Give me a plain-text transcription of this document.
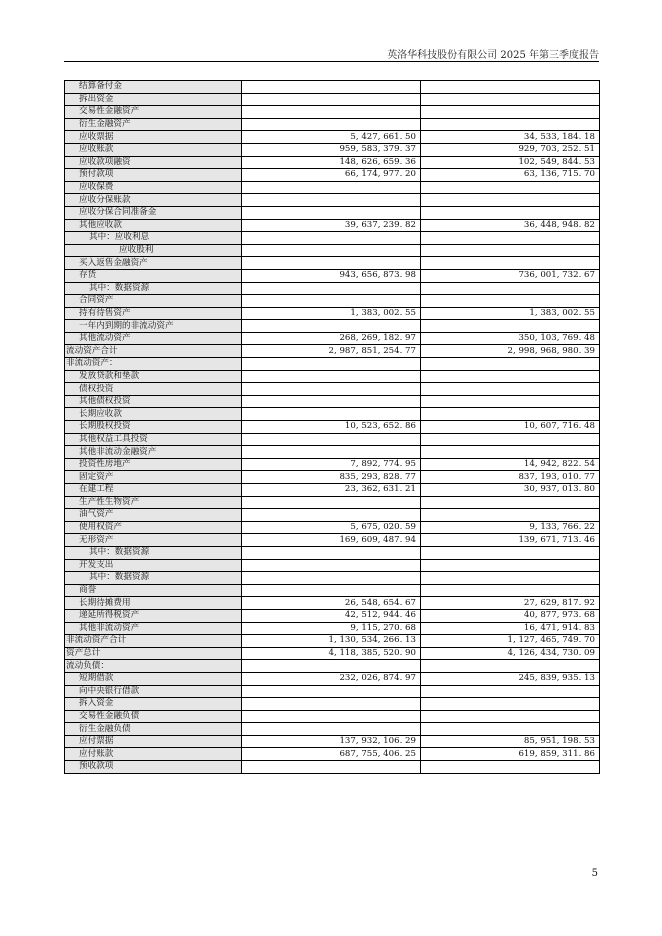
英洛华科技股份有限公司 2025 年第三季度报告
结算备付金		
拆出资金		
交易性金融资产		
衍生金融资产		
应收票据	5, 427, 661. 50	34, 533, 184. 18
应收账款	959, 583, 379. 37	929, 703, 252. 51
应收款项融资	148, 626, 659. 36	102, 549, 844. 53
预付款项	66, 174, 977. 20	63, 136, 715. 70
应收保费		
应收分保账款		
应收分保合同准备金		
其他应收款	39, 637, 239. 82	36, 448, 948. 82
其中：应收利息		
应收股利		
买入返售金融资产		
存货	943, 656, 873. 98	736, 001, 732. 67
其中：数据资源		
合同资产		
持有待售资产	1, 383, 002. 55	1, 383, 002. 55
一年内到期的非流动资产		
其他流动资产	268, 269, 182. 97	350, 103, 769. 48
流动资产合计	2, 987, 851, 254. 77	2, 998, 968, 980. 39
非流动资产：		
发放贷款和垫款		
债权投资		
其他债权投资		
长期应收款		
长期股权投资	10, 523, 652. 86	10, 607, 716. 48
其他权益工具投资		
其他非流动金融资产		
投资性房地产	7, 892, 774. 95	14, 942, 822. 54
固定资产	835, 293, 828. 77	837, 193, 010. 77
在建工程	23, 362, 631. 21	30, 937, 013. 80
生产性生物资产		
油气资产		
使用权资产	5, 675, 020. 59	9, 133, 766. 22
无形资产	169, 609, 487. 94	139, 671, 713. 46
其中：数据资源		
开发支出		
其中：数据资源		
商誉		
长期待摊费用	26, 548, 654. 67	27, 629, 817. 92
递延所得税资产	42, 512, 944. 46	40, 877, 973. 68
其他非流动资产	9, 115, 270. 68	16, 471, 914. 83
非流动资产合计	1, 130, 534, 266. 13	1, 127, 465, 749. 70
资产总计	4, 118, 385, 520. 90	4, 126, 434, 730. 09
流动负债：		
短期借款	232, 026, 874. 97	245, 839, 935. 13
向中央银行借款		
拆入资金		
交易性金融负债		
衍生金融负债		
应付票据	137, 932, 106. 29	85, 951, 198. 53
应付账款	687, 755, 406. 25	619, 859, 311. 86
预收款项		
5
